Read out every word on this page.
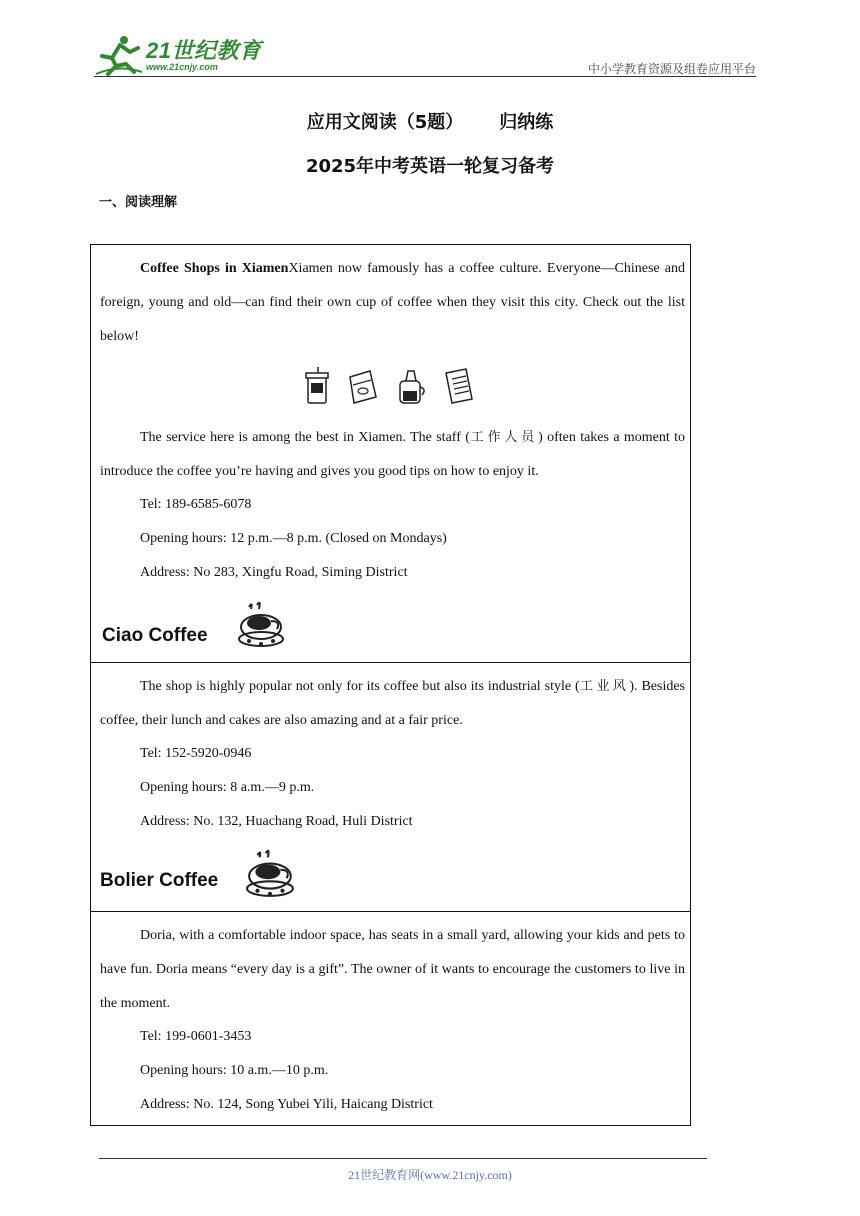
21世纪教育
www.21cnjy.com	中小学教育资源及组卷应用平台
应用文阅读（5题） 归纳练
2025年中考英语一轮复习备考
一、阅读理解
Coffee Shops in XiamenXiamen now famously has a coffee culture. Everyone—Chinese and foreign, young and old—can find their own cup of coffee when they visit this city. Check out the list below!
The service here is among the best in Xiamen. The staff (工作人员) often takes a moment to introduce the coffee you’re having and gives you good tips on how to enjoy it.
Tel: 189-6585-6078
Opening hours: 12 p.m.—8 p.m. (Closed on Mondays)
Address: No 283, Xingfu Road, Siming District
Ciao Coffee
The shop is highly popular not only for its coffee but also its industrial style (工业风). Besides coffee, their lunch and cakes are also amazing and at a fair price.
Tel: 152-5920-0946
Opening hours: 8 a.m.—9 p.m.
Address: No. 132, Huachang Road, Huli District
Bolier Coffee
Doria, with a comfortable indoor space, has seats in a small yard, allowing your kids and pets to have fun. Doria means “every day is a gift”. The owner of it wants to encourage the customers to live in the moment.
Tel: 199-0601-3453
Opening hours: 10 a.m.—10 p.m.
Address: No. 124, Song Yubei Yili, Haicang District
21世纪教育网(www.21cnjy.com)
